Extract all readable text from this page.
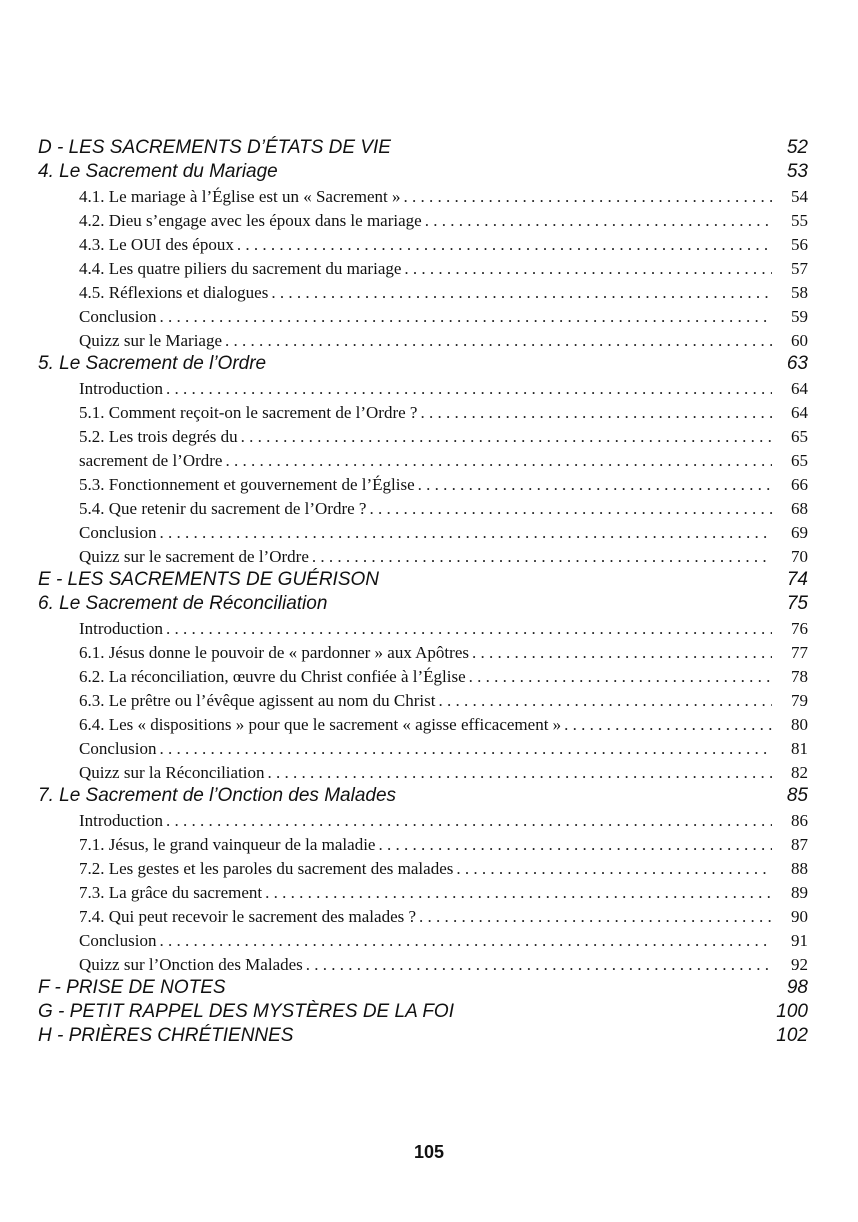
D - LES SACREMENTS D’ÉTATS DE VIE	52
4. Le Sacrement du Mariage	53
4.1. Le mariage à l’Église est un « Sacrement » . . .	54
4.2. Dieu s’engage avec les époux dans le mariage . . .	55
4.3. Le OUI des époux . . .	56
4.4. Les quatre piliers du sacrement du mariage . . .	57
4.5. Réflexions et dialogues . . .	58
Conclusion . . .	59
Quizz sur le Mariage . . .	60
5. Le Sacrement de l’Ordre	63
Introduction . . .	64
5.1. Comment reçoit-on le sacrement de l’Ordre ? . . .	64
5.2. Les trois degrés du . . .	65
sacrement de l’Ordre . . .	65
5.3. Fonctionnement et gouvernement de l’Église . . .	66
5.4. Que retenir du sacrement de l’Ordre ? . . .	68
Conclusion . . .	69
Quizz sur le sacrement de l’Ordre . . .	70
E - LES SACREMENTS DE GUÉRISON	74
6. Le Sacrement de Réconciliation	75
Introduction . . .	76
6.1. Jésus donne le pouvoir de « pardonner » aux Apôtres . . .	77
6.2. La réconciliation, œuvre du Christ confiée à l’Église . . .	78
6.3. Le prêtre ou l’évêque agissent au nom du Christ . . .	79
6.4. Les « dispositions » pour que le sacrement « agisse efficacement » . . .	80
Conclusion . . .	81
Quizz sur la Réconciliation . . .	82
7. Le Sacrement de l’Onction des Malades	85
Introduction . . .	86
7.1. Jésus, le grand vainqueur de la maladie . . .	87
7.2. Les gestes et les paroles du sacrement des malades . . .	88
7.3. La grâce du sacrement . . .	89
7.4. Qui peut recevoir le sacrement des malades ? . . .	90
Conclusion . . .	91
Quizz sur l’Onction des Malades . . .	92
F - PRISE DE NOTES	98
G - PETIT RAPPEL DES MYSTÈRES DE LA FOI	100
H - PRIÈRES CHRÉTIENNES	102
105
